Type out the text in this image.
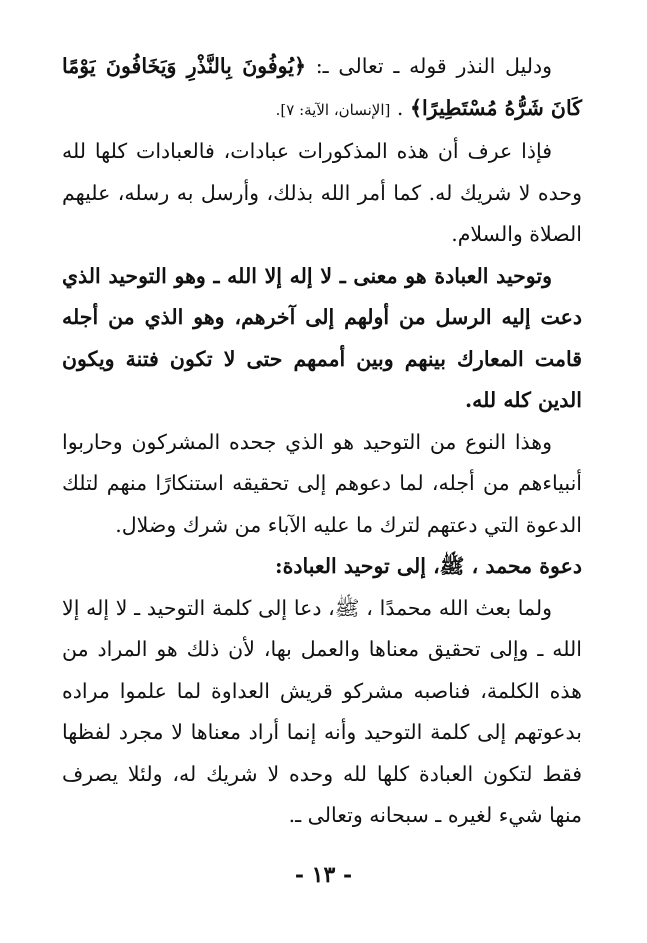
ودليل النذر قوله ـ تعالى ـ: ﴿يُوفُونَ بِالنَّذْرِ وَيَخَافُونَ يَوْمًا كَانَ شَرُّهُ مُسْتَطِيرًا﴾ . [الإنسان، الآية: ٧].

فإذا عرف أن هذه المذكورات عبادات، فالعبادات كلها لله وحده لا شريك له. كما أمر الله بذلك، وأرسل به رسله، عليهم الصلاة والسلام.

وتوحيد العبادة هو معنى ـ لا إله إلا الله ـ وهو التوحيد الذي دعت إليه الرسل من أولهم إلى آخرهم، وهو الذي من أجله قامت المعارك بينهم وبين أممهم حتى لا تكون فتنة ويكون الدين كله لله.

وهذا النوع من التوحيد هو الذي جحده المشركون وحاربوا أنبياءهم من أجله، لما دعوهم إلى تحقيقه استنكارًا منهم لتلك الدعوة التي دعتهم لترك ما عليه الآباء من شرك وضلال.

دعوة محمد ، ﷺ، إلى توحيد العبادة:

ولما بعث الله محمدًا ، ﷺ، دعا إلى كلمة التوحيد ـ لا إله إلا الله ـ وإلى تحقيق معناها والعمل بها، لأن ذلك هو المراد من هذه الكلمة، فناصبه مشركو قريش العداوة لما علموا مراده بدعوتهم إلى كلمة التوحيد وأنه إنما أراد معناها لا مجرد لفظها فقط لتكون العبادة كلها لله وحده لا شريك له، ولئلا يصرف منها شيء لغيره ـ سبحانه وتعالى ـ.

- ١٣ -
